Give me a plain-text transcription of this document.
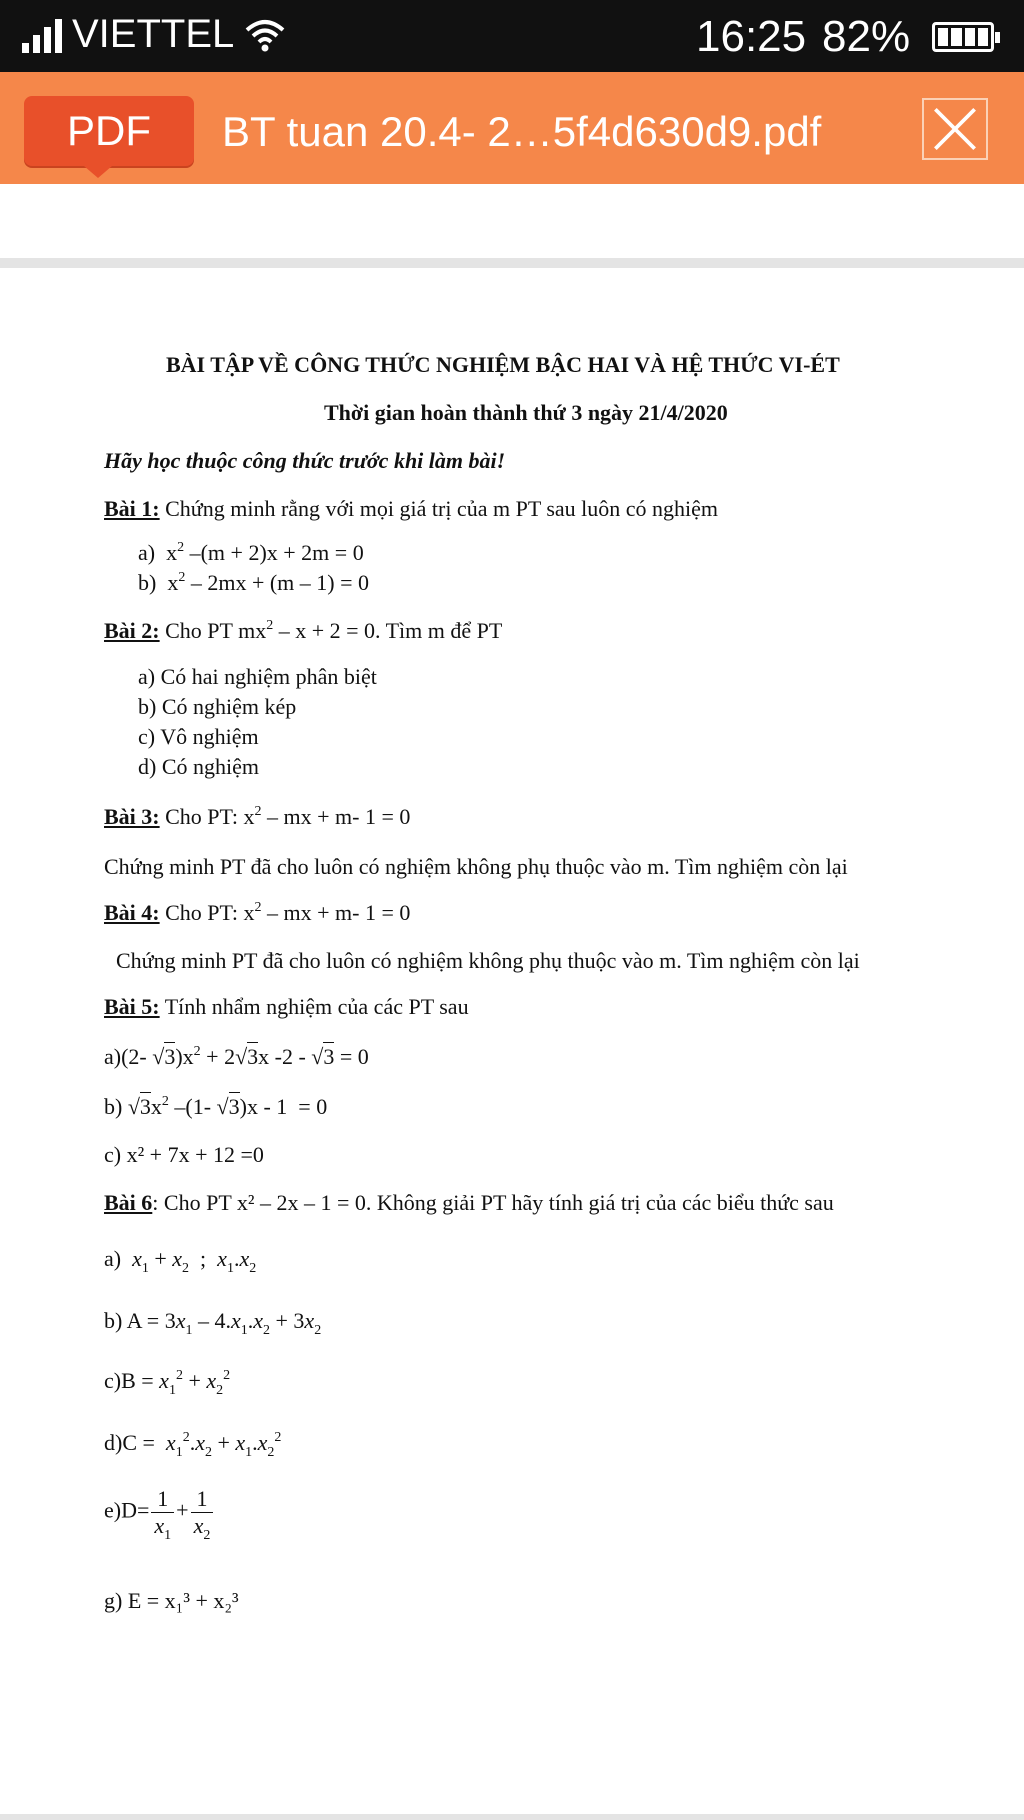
VIETTEL	16:25 82%
PDF	BT tuan 20.4- 2…5f4d630d9.pdf
BÀI TẬP VỀ CÔNG THỨC NGHIỆM BẬC HAI VÀ HỆ THỨC VI-ÉT
Thời gian hoàn thành thứ 3 ngày 21/4/2020
Hãy học thuộc công thức trước khi làm bài!
Bài 1: Chứng minh rằng với mọi giá trị của m PT sau luôn có nghiệm
a)  $x^2$ –(m + 2)x + 2m = 0
b)  $x^2 - 2mx + (m - 1) = 0$
Bài 2: Cho PT $mx^2 - x + 2 = 0$. Tìm m để PT
a) Có hai nghiệm phân biệt
b) Có nghiệm kép
c) Vô nghiệm
d) Có nghiệm
Bài 3: Cho PT: $x^2$ – mx + m- 1 = 0
Chứng minh PT đã cho luôn có nghiệm không phụ thuộc vào m. Tìm nghiệm còn lại
Bài 4: Cho PT: $x^2$ – mx + m- 1 = 0
Chứng minh PT đã cho luôn có nghiệm không phụ thuộc vào m. Tìm nghiệm còn lại
Bài 5: Tính nhẩm nghiệm của các PT sau
a)(2- $√3)x^2 + 2√3x$ -2 - √3 = 0
b) $√3x^2$ –(1- √3)x - 1  = 0
c) x² + 7x + 12 =0
Bài 6: Cho PT x² – 2x – 1 = 0. Không giải PT hãy tính giá trị của các biểu thức sau
a)  $x_1 + x_2$  ;  $x_1.x_2$
b) $A = 3x_1 - 4.x_1.x_2 + 3x_2$
$c)B = x_1^2 + x_2^2$
$d)C = x_1^2.x_2 + x_1.x_2^2$
$e)D= \frac{1}{x_1} + \frac{1}{x_2}$
g) E = x₁³ + x₂³
